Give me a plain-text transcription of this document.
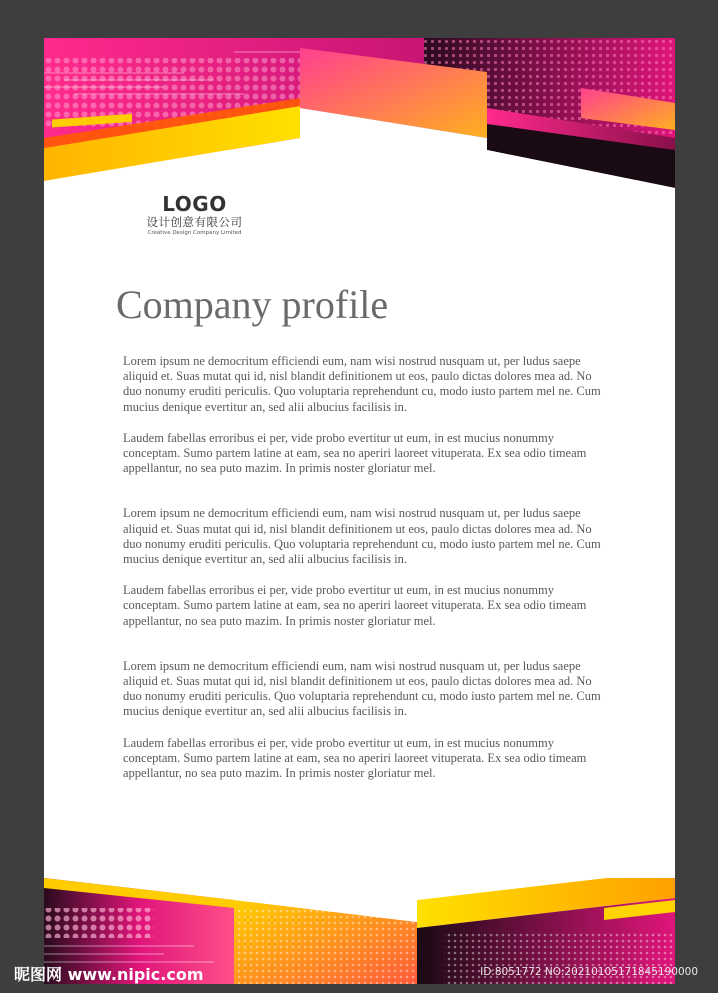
LOGO
设计创意有限公司
Creative Design Company Limited
Company profile

Lorem ipsum ne democritum efficiendi eum, nam wisi nostrud nusquam ut, per ludus saepe aliquid et. Suas mutat qui id, nisl blandit definitionem ut eos, paulo dictas dolores mea ad. No duo nonumy eruditi periculis. Quo voluptaria reprehendunt cu, modo iusto partem mel ne. Cum mucius denique evertitur an, sed alii albucius facilisis in.

Laudem fabellas erroribus ei per, vide probo evertitur ut eum, in est mucius nonummy conceptam. Sumo partem latine at eam, sea no aperiri laoreet vituperata. Ex sea odio timeam appellantur, no sea puto mazim. In primis noster gloriatur mel.

Lorem ipsum ne democritum efficiendi eum, nam wisi nostrud nusquam ut, per ludus saepe aliquid et. Suas mutat qui id, nisl blandit definitionem ut eos, paulo dictas dolores mea ad. No duo nonumy eruditi periculis. Quo voluptaria reprehendunt cu, modo iusto partem mel ne. Cum mucius denique evertitur an, sed alii albucius facilisis in.

Laudem fabellas erroribus ei per, vide probo evertitur ut eum, in est mucius nonummy conceptam. Sumo partem latine at eam, sea no aperiri laoreet vituperata. Ex sea odio timeam appellantur, no sea puto mazim. In primis noster gloriatur mel.

Lorem ipsum ne democritum efficiendi eum, nam wisi nostrud nusquam ut, per ludus saepe aliquid et. Suas mutat qui id, nisl blandit definitionem ut eos, paulo dictas dolores mea ad. No duo nonumy eruditi periculis. Quo voluptaria reprehendunt cu, modo iusto partem mel ne. Cum mucius denique evertitur an, sed alii albucius facilisis in.

Laudem fabellas erroribus ei per, vide probo evertitur ut eum, in est mucius nonummy conceptam. Sumo partem latine at eam, sea no aperiri laoreet vituperata. Ex sea odio timeam appellantur, no sea puto mazim. In primis noster gloriatur mel.

昵图网 www.nipic.com	ID:8051772 NO:20210105171845190000
